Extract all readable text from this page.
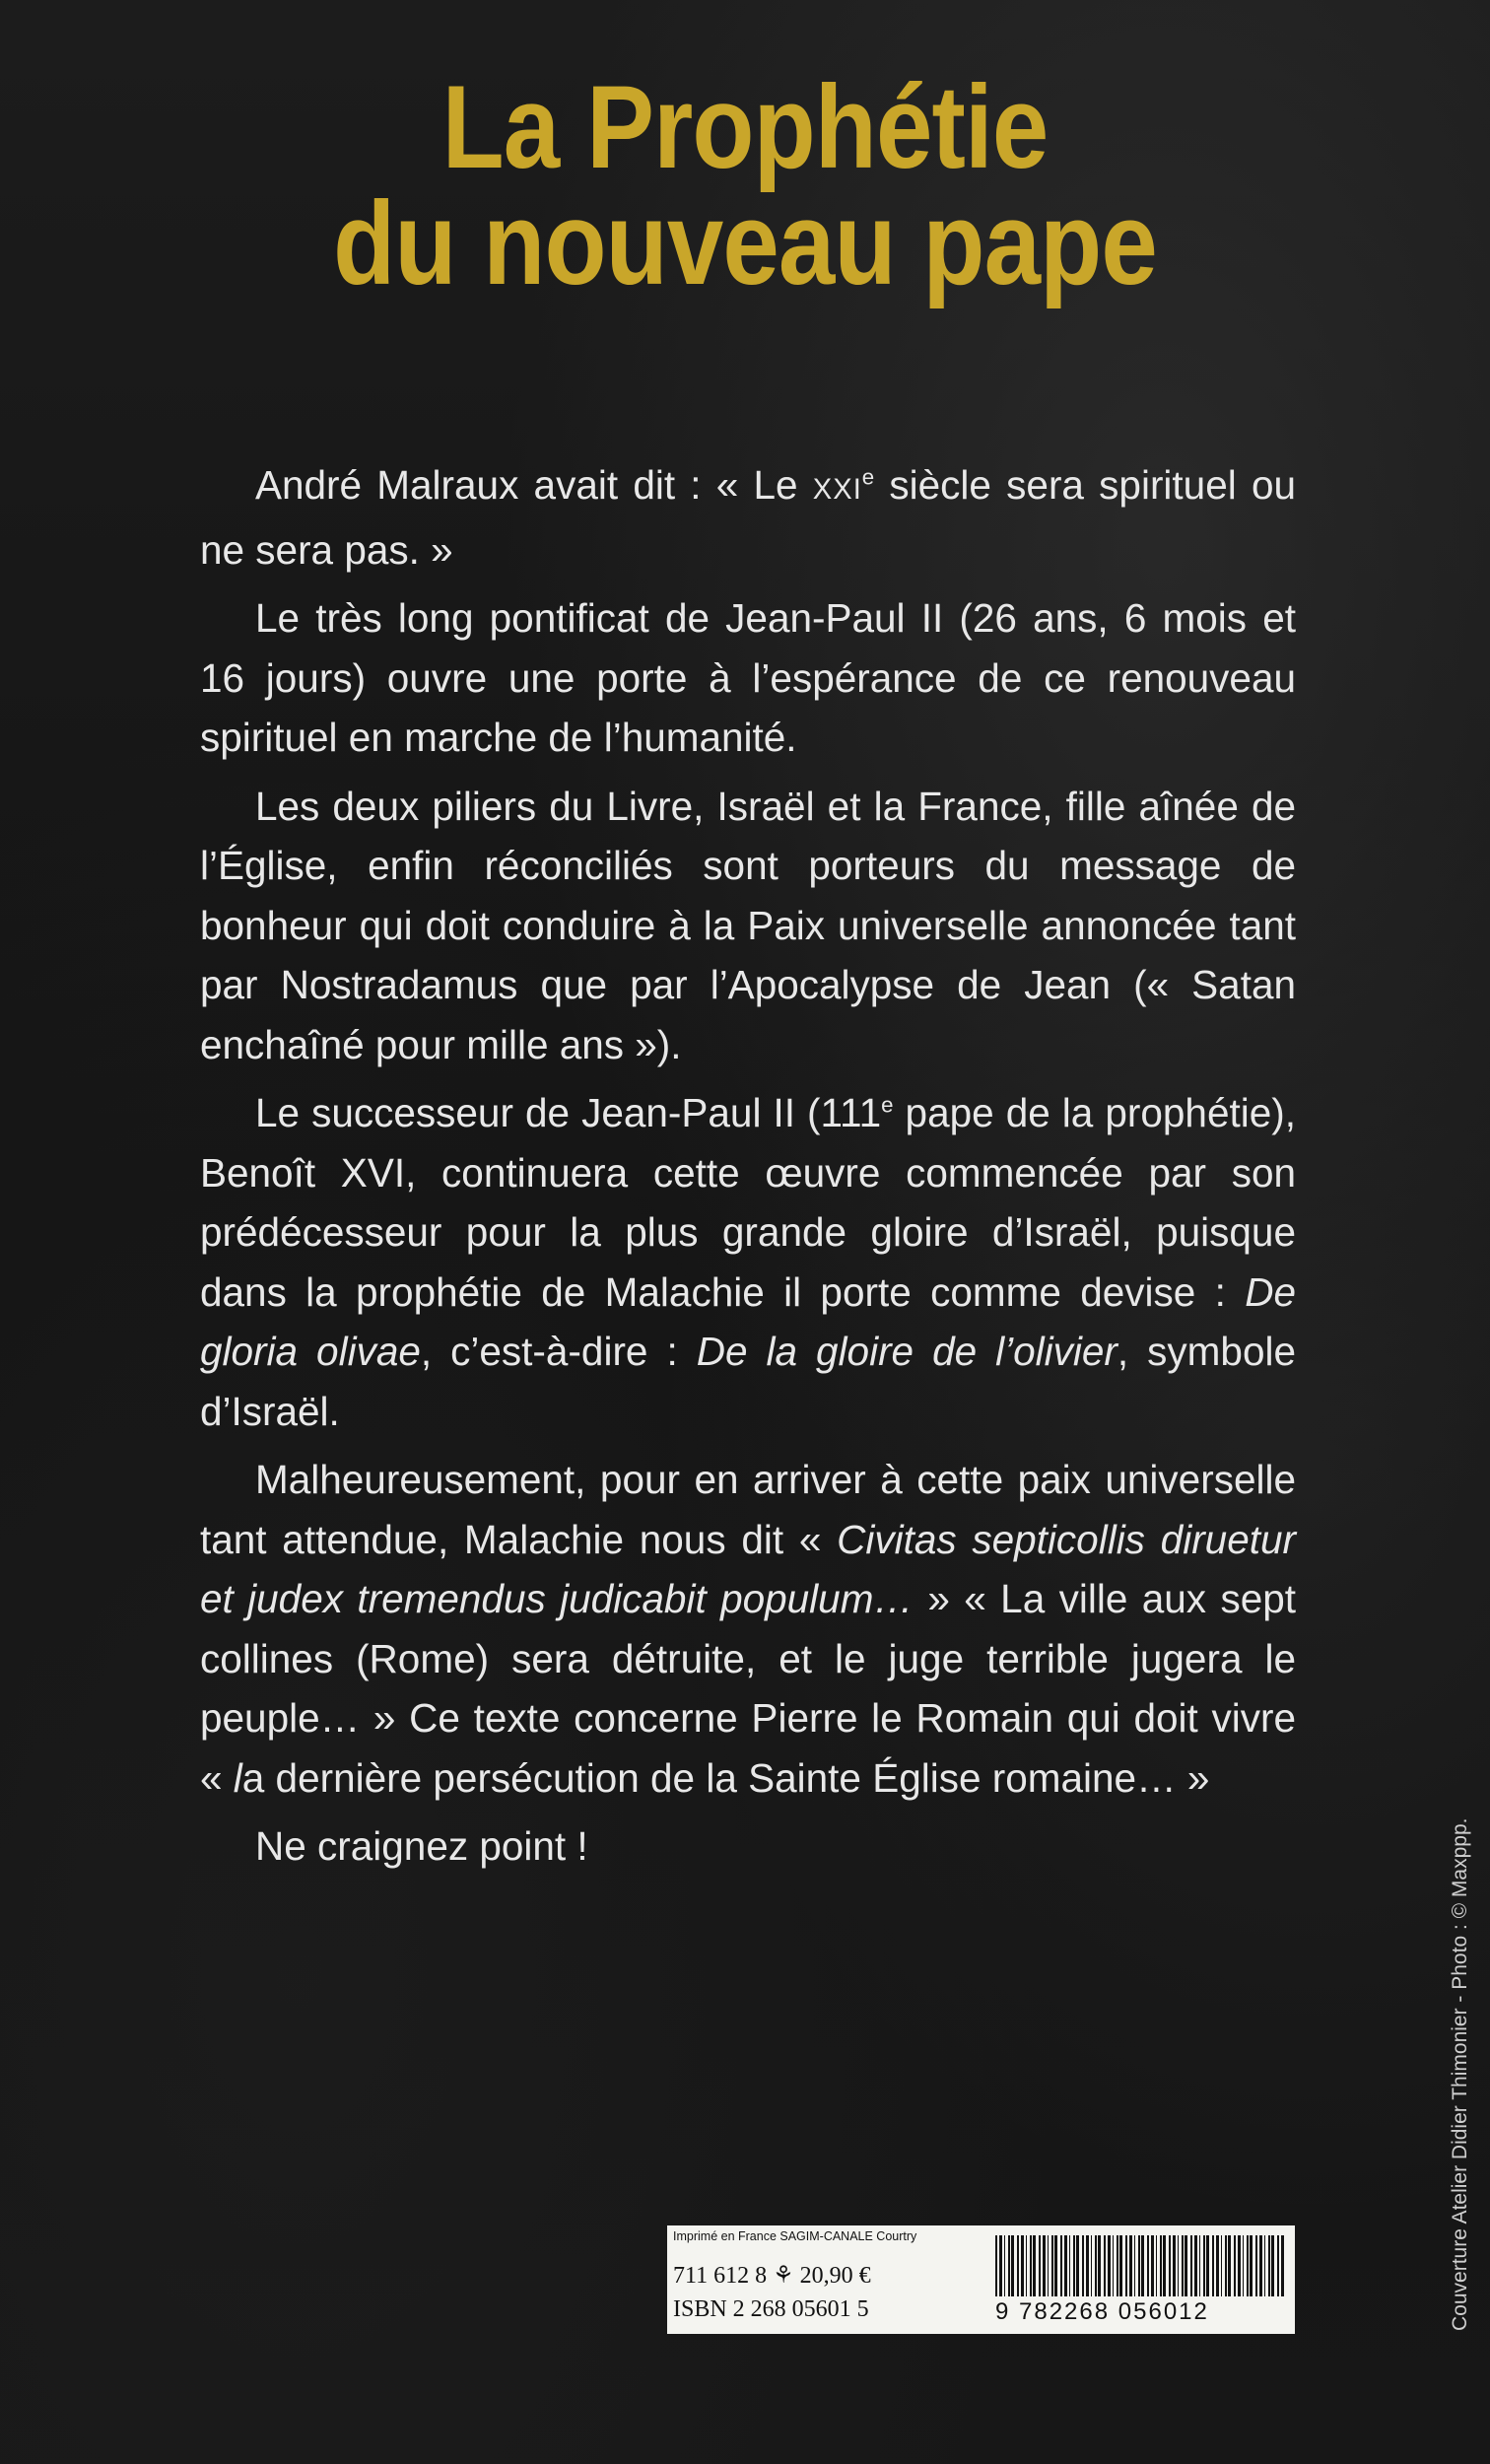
La Prophétie
du nouveau pape

André Malraux avait dit : « Le XXIe siècle sera spirituel ou ne sera pas. »

Le très long pontificat de Jean-Paul II (26 ans, 6 mois et 16 jours) ouvre une porte à l’espérance de ce renouveau spirituel en marche de l’humanité.

Les deux piliers du Livre, Israël et la France, fille aînée de l’Église, enfin réconciliés sont porteurs du message de bonheur qui doit conduire à la Paix universelle annoncée tant par Nostradamus que par l’Apocalypse de Jean (« Satan enchaîné pour mille ans »).

Le successeur de Jean-Paul II (111e pape de la prophétie), Benoît XVI, continuera cette œuvre commencée par son prédécesseur pour la plus grande gloire d’Israël, puisque dans la prophétie de Malachie il porte comme devise : De gloria olivae, c’est-à-dire : De la gloire de l’olivier, symbole d’Israël.

Malheureusement, pour en arriver à cette paix universelle tant attendue, Malachie nous dit « Civitas septicollis diruetur et judex tremendus judicabit populum… » « La ville aux sept collines (Rome) sera détruite, et le juge terrible jugera le peuple… » Ce texte concerne Pierre le Romain qui doit vivre « la dernière persécution de la Sainte Église romaine… »

Ne craignez point !	Couverture Atelier Didier Thimonier - Photo : © Maxppp.
Imprimé en France SAGIM-CANALE Courtry
711 612 8 ⚘ 20,90 €
ISBN 2 268 05601 5	9 782268 056012
